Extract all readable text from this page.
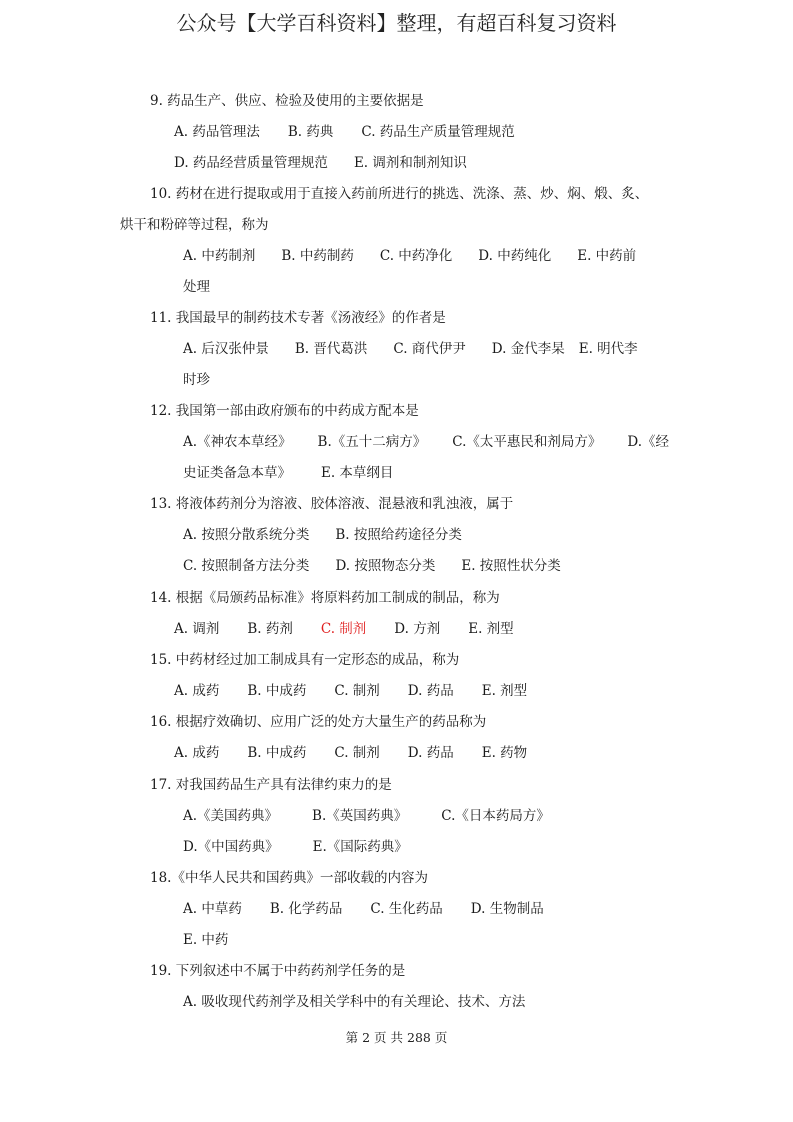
公众号【大学百科资料】整理，有超百科复习资料
9. 药品生产、供应、检验及使用的主要依据是
A. 药品管理法 B. 药典 C. 药品生产质量管理规范
D. 药品经营质量管理规范 E. 调剂和制剂知识
10. 药材在进行提取或用于直接入药前所进行的挑选、洗涤、蒸、炒、焖、煅、炙、
烘干和粉碎等过程，称为
A. 中药制剂 B. 中药制药 C. 中药净化 D. 中药纯化 E. 中药前
处理
11. 我国最早的制药技术专著《汤液经》的作者是
A. 后汉张仲景 B. 晋代葛洪 C. 商代伊尹 D. 金代李杲 E. 明代李
时珍
12. 我国第一部由政府颁布的中药成方配本是
A.《神农本草经》 B.《五十二病方》 C.《太平惠民和剂局方》 D.《经
史证类备急本草》 E. 本草纲目
13. 将液体药剂分为溶液、胶体溶液、混悬液和乳浊液，属于
A. 按照分散系统分类 B. 按照给药途径分类
C. 按照制备方法分类 D. 按照物态分类 E. 按照性状分类
14. 根据《局颁药品标准》将原料药加工制成的制品，称为
A. 调剂 B. 药剂 C. 制剂 D. 方剂 E. 剂型
15. 中药材经过加工制成具有一定形态的成品，称为
A. 成药 B. 中成药 C. 制剂 D. 药品 E. 剂型
16. 根据疗效确切、应用广泛的处方大量生产的药品称为
A. 成药 B. 中成药 C. 制剂 D. 药品 E. 药物
17. 对我国药品生产具有法律约束力的是
A.《美国药典》	B.《英国药典》	C.《日本药局方》
D.《中国药典》	E.《国际药典》
18.《中华人民共和国药典》一部收载的内容为
A. 中草药 B. 化学药品 C. 生化药品 D. 生物制品
E. 中药
19. 下列叙述中不属于中药药剂学任务的是
A. 吸收现代药剂学及相关学科中的有关理论、技术、方法
第 2 页 共 288 页
